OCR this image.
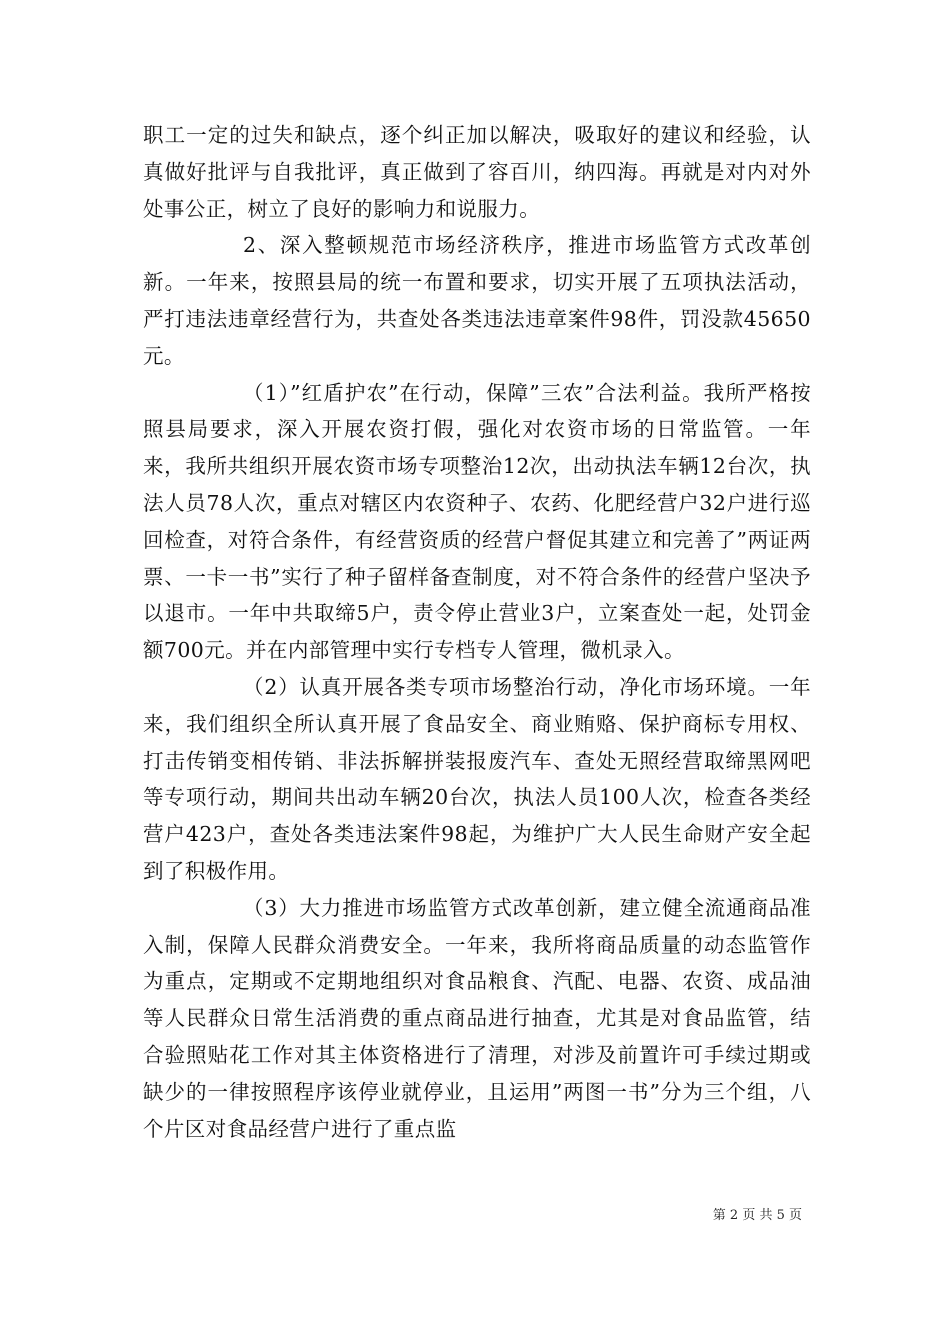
职工一定的过失和缺点，逐个纠正加以解决，吸取好的建议和经验，认真做好批评与自我批评，真正做到了容百川，纳四海。再就是对内对外处事公正，树立了良好的影响力和说服力。

2、深入整顿规范市场经济秩序，推进市场监管方式改革创新。一年来，按照县局的统一布置和要求，切实开展了五项执法活动，严打违法违章经营行为，共查处各类违法违章案件98件，罚没款45650元。

（1）”红盾护农”在行动，保障”三农”合法利益。我所严格按照县局要求，深入开展农资打假，强化对农资市场的日常监管。一年来，我所共组织开展农资市场专项整治12次，出动执法车辆12台次，执法人员78人次，重点对辖区内农资种子、农药、化肥经营户32户进行巡回检查，对符合条件，有经营资质的经营户督促其建立和完善了”两证两票、一卡一书”实行了种子留样备查制度，对不符合条件的经营户坚决予以退市。一年中共取缔5户，责令停止营业3户，立案查处一起，处罚金额700元。并在内部管理中实行专档专人管理，微机录入。

（2）认真开展各类专项市场整治行动，净化市场环境。一年来，我们组织全所认真开展了食品安全、商业贿赂、保护商标专用权、打击传销变相传销、非法拆解拼装报废汽车、查处无照经营取缔黑网吧等专项行动，期间共出动车辆20台次，执法人员100人次，检查各类经营户423户，查处各类违法案件98起，为维护广大人民生命财产安全起到了积极作用。

（3）大力推进市场监管方式改革创新，建立健全流通商品准入制，保障人民群众消费安全。一年来，我所将商品质量的动态监管作为重点，定期或不定期地组织对食品粮食、汽配、电器、农资、成品油等人民群众日常生活消费的重点商品进行抽查，尤其是对食品监管，结合验照贴花工作对其主体资格进行了清理，对涉及前置许可手续过期或缺少的一律按照程序该停业就停业，且运用”两图一书”分为三个组，八个片区对食品经营户进行了重点监

第 2 页 共 5 页
